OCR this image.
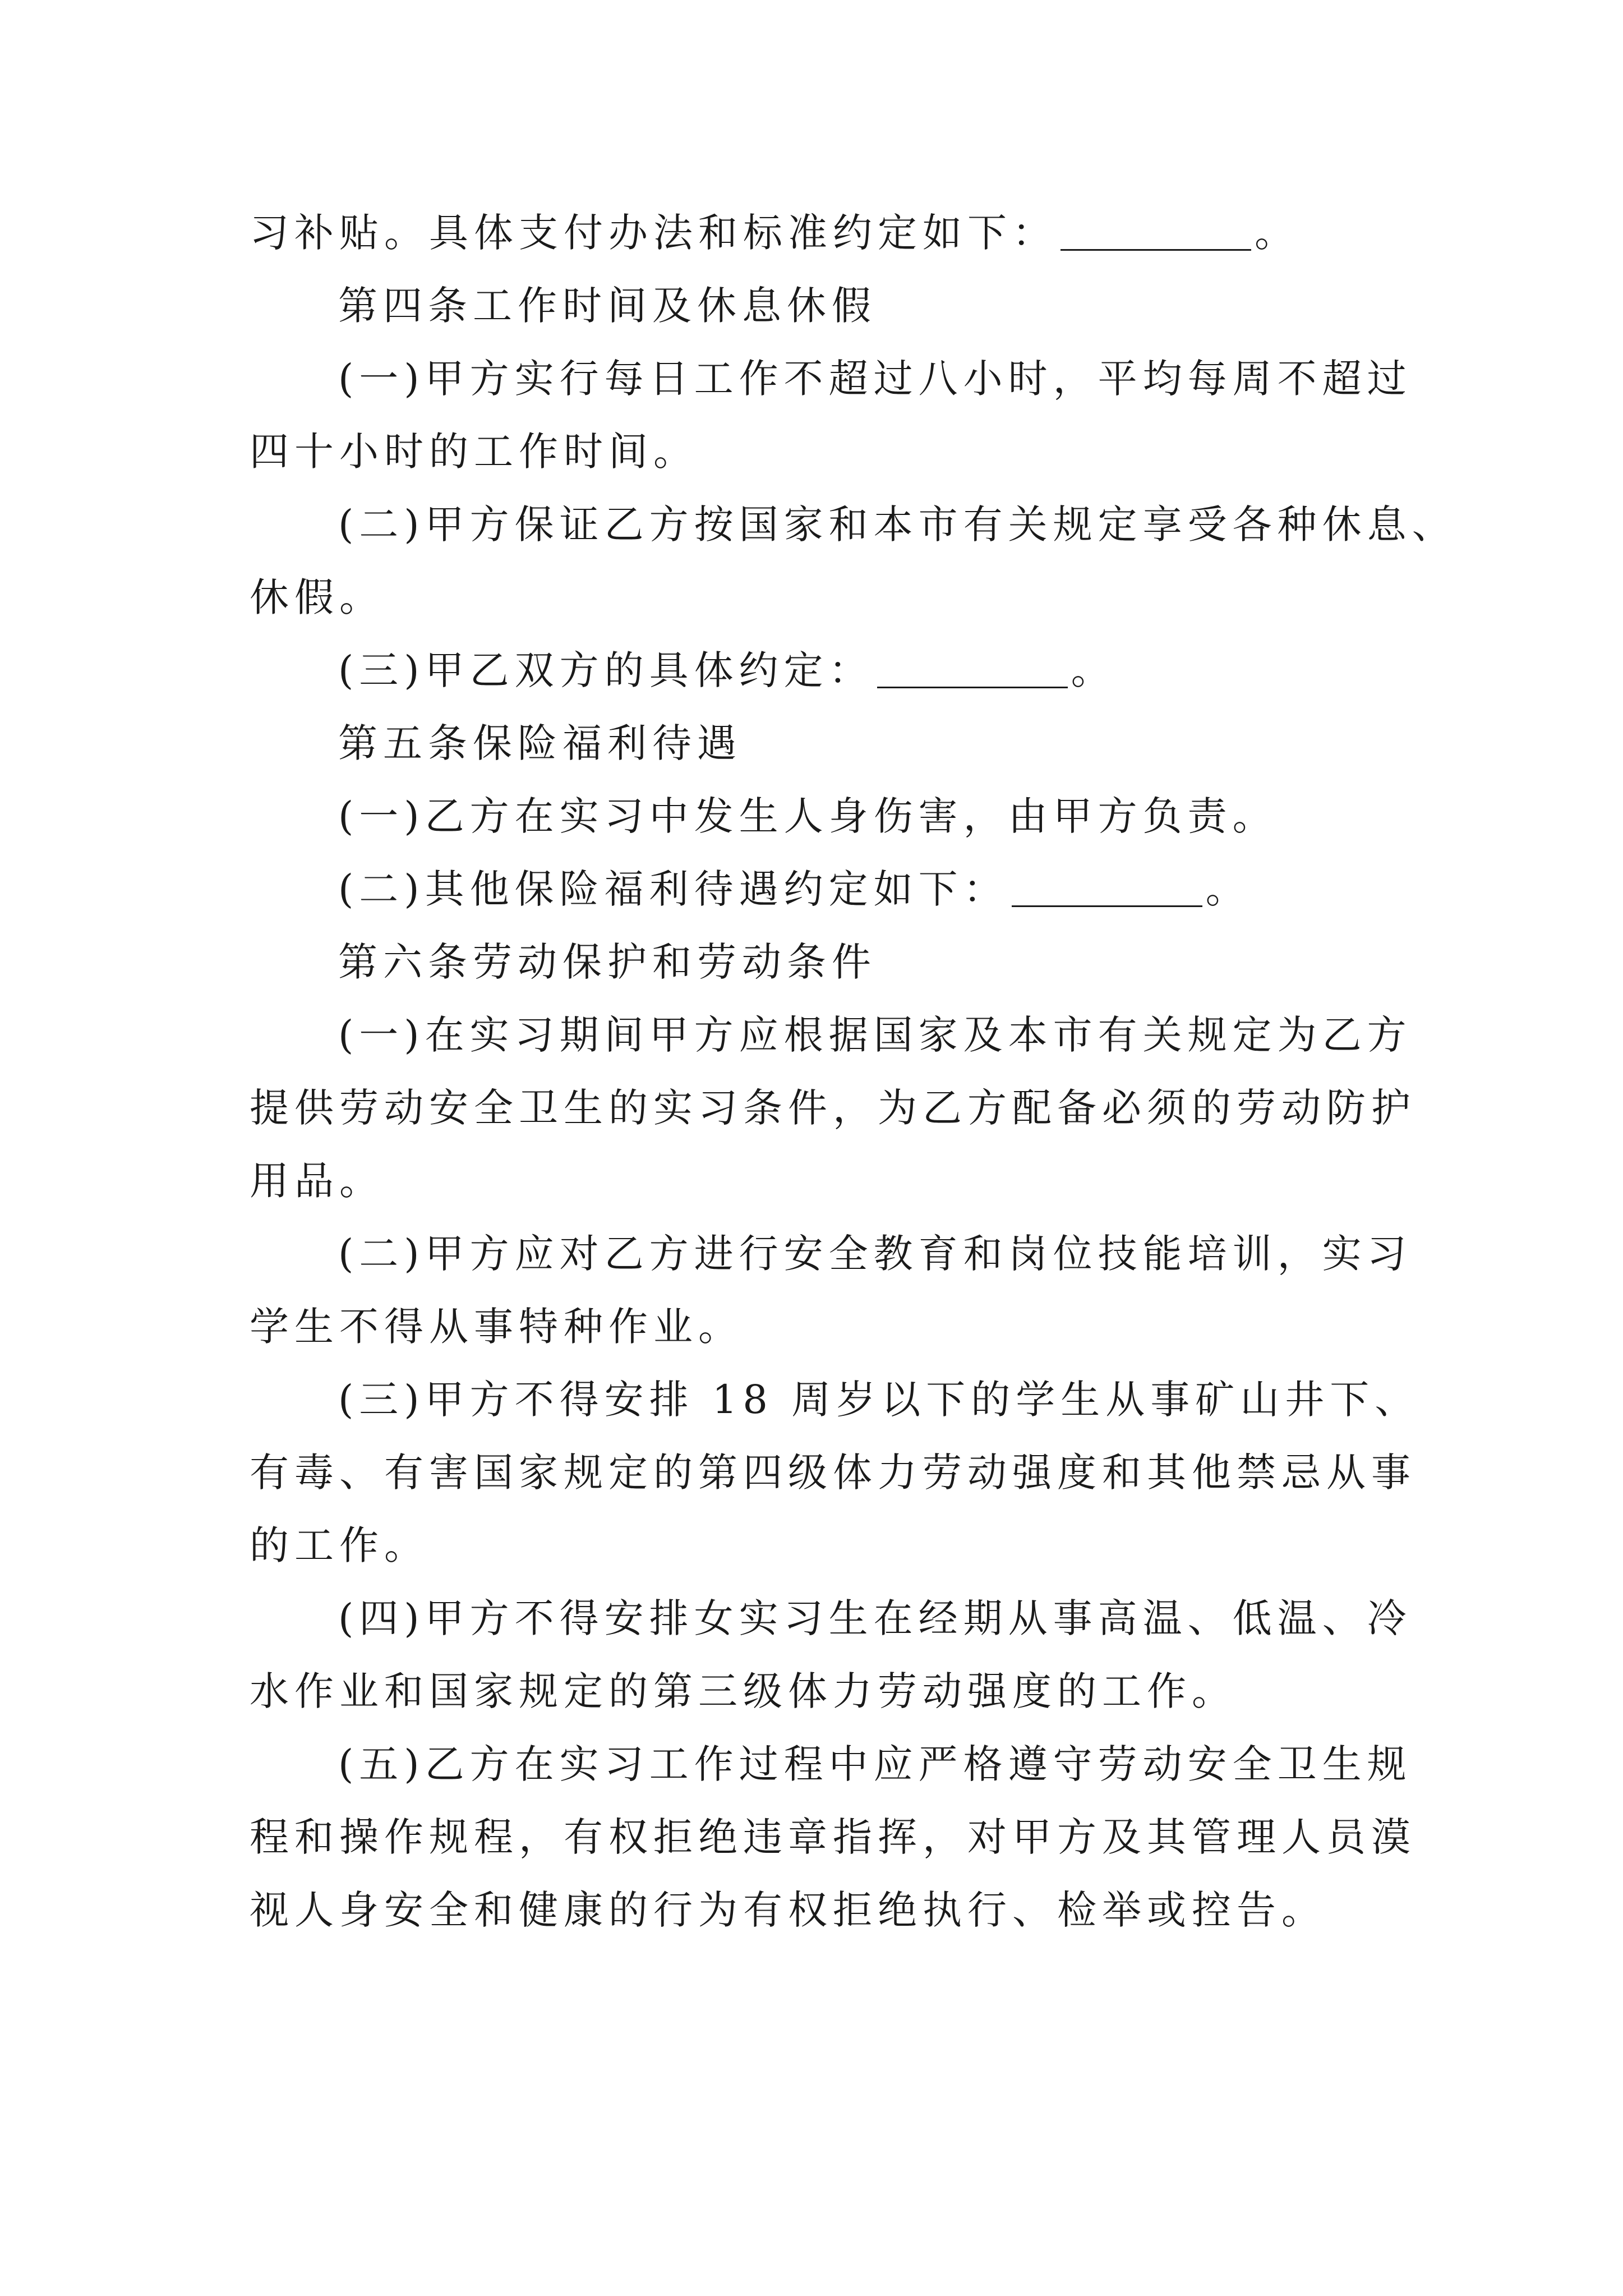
习补贴。具体支付办法和标准约定如下：	。
第四条工作时间及休息休假
(一)甲方实行每日工作不超过八小时，平均每周不超过
四十小时的工作时间。
(二)甲方保证乙方按国家和本市有关规定享受各种休息、
休假。
(三)甲乙双方的具体约定：	。
第五条保险福利待遇
(一)乙方在实习中发生人身伤害，由甲方负责。
(二)其他保险福利待遇约定如下：	。
第六条劳动保护和劳动条件
(一)在实习期间甲方应根据国家及本市有关规定为乙方
提供劳动安全卫生的实习条件，为乙方配备必须的劳动防护
用品。
(二)甲方应对乙方进行安全教育和岗位技能培训，实习
学生不得从事特种作业。
(三)甲方不得安排 18 周岁以下的学生从事矿山井下、
有毒、有害国家规定的第四级体力劳动强度和其他禁忌从事
的工作。
(四)甲方不得安排女实习生在经期从事高温、低温、冷
水作业和国家规定的第三级体力劳动强度的工作。
(五)乙方在实习工作过程中应严格遵守劳动安全卫生规
程和操作规程，有权拒绝违章指挥，对甲方及其管理人员漠
视人身安全和健康的行为有权拒绝执行、检举或控告。
